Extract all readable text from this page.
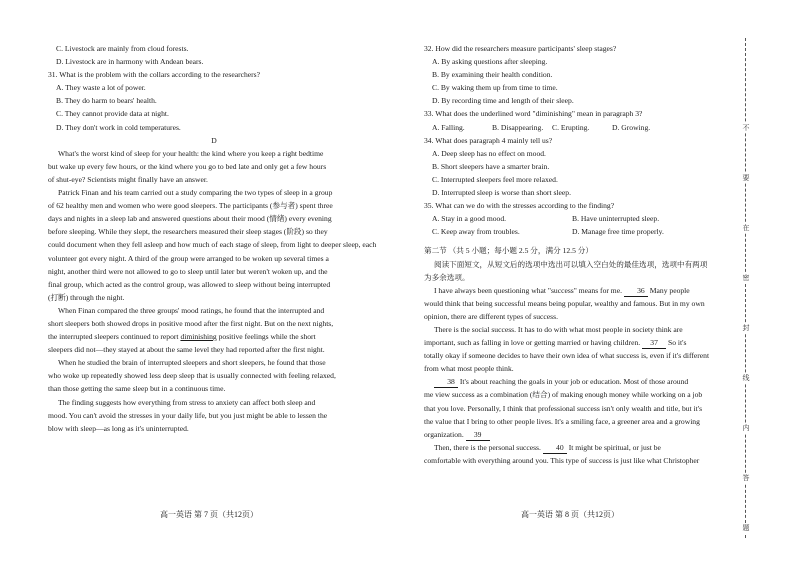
C. Livestock are mainly from cloud forests.

D. Livestock are in harmony with Andean bears.

31. What is the problem with the collars according to the researchers?

A. They waste a lot of power.

B. They do harm to bears' health.

C. They cannot provide data at night.

D. They don't work in cold temperatures.

D

What's the worst kind of sleep for your health: the kind where you keep a right bedtime

but wake up every few hours, or the kind where you go to bed late and only get a few hours

of shut-eye? Scientists might finally have an answer.

Patrick Finan and his team carried out a study comparing the two types of sleep in a group

of 62 healthy men and women who were good sleepers. The participants (参与者) spent three

days and nights in a sleep lab and answered questions about their mood (情绪) every evening

before sleeping. While they slept, the researchers measured their sleep stages (阶段) so they

could document when they fell asleep and how much of each stage of sleep, from light to deeper sleep, each

volunteer got every night. A third of the group were arranged to be woken up several times a

night, another third were not allowed to go to sleep until later but weren't woken up, and the

final group, which acted as the control group, was allowed to sleep without being interrupted

(打断) through the night.

When Finan compared the three groups' mood ratings, he found that the interrupted and

short sleepers both showed drops in positive mood after the first night. But on the next nights,

the interrupted sleepers continued to report diminishing positive feelings while the short

sleepers did not—they stayed at about the same level they had reported after the first night.

When he studied the brain of interrupted sleepers and short sleepers, he found that those

who woke up repeatedly showed less deep sleep that is usually connected with feeling relaxed,

than those getting the same sleep but in a continuous time.

The finding suggests how everything from stress to anxiety can affect both sleep and

mood. You can't avoid the stresses in your daily life, but you just might be able to lessen the

blow with sleep—as long as it's uninterrupted.

32. How did the researchers measure participants' sleep stages?

A. By asking questions after sleeping.

B. By examining their health condition.

C. By waking them up from time to time.

D. By recording time and length of their sleep.

33. What does the underlined word "diminishing" mean in paragraph 3?

A. Falling.	B. Disappearing.	C. Erupting.	D. Growing.

34. What does paragraph 4 mainly tell us?

A. Deep sleep has no effect on mood.

B. Short sleepers have a smarter brain.

C. Interrupted sleepers feel more relaxed.

D. Interrupted sleep is worse than short sleep.

35. What can we do with the stresses according to the finding?

A. Stay in a good mood.	B. Have uninterrupted sleep.
C. Keep away from troubles.	D. Manage free time properly.

第二节 （共 5 小题；每小题 2.5 分，满分 12.5 分）

阅读下面短文，从短文后的选项中选出可以填入空白处的最佳选项，选项中有两项

为多余选项。

I have always been questioning what "success" means for me. 36 Many people

would think that being successful means being popular, wealthy and famous. But in my own

opinion, there are different types of success.

There is the social success. It has to do with what most people in society think are

important, such as falling in love or getting married or having children. 37 So it's

totally okay if someone decides to have their own idea of what success is, even if it's different

from what most people think.

38 It's about reaching the goals in your job or education. Most of those around

me view success as a combination (结合) of making enough money while working on a job

that you love. Personally, I think that professional success isn't only wealth and title, but it's

the value that I bring to other people lives. It's a smiling face, a greener area and a growing

organization. 39

Then, there is the personal success. 40 It might be spiritual, or just be

comfortable with everything around you. This type of success is just like what Christopher

高一英语 第 7 页（共12页）	高一英语 第 8 页（共12页）
不
要
在
密
封
线
内
答
题
